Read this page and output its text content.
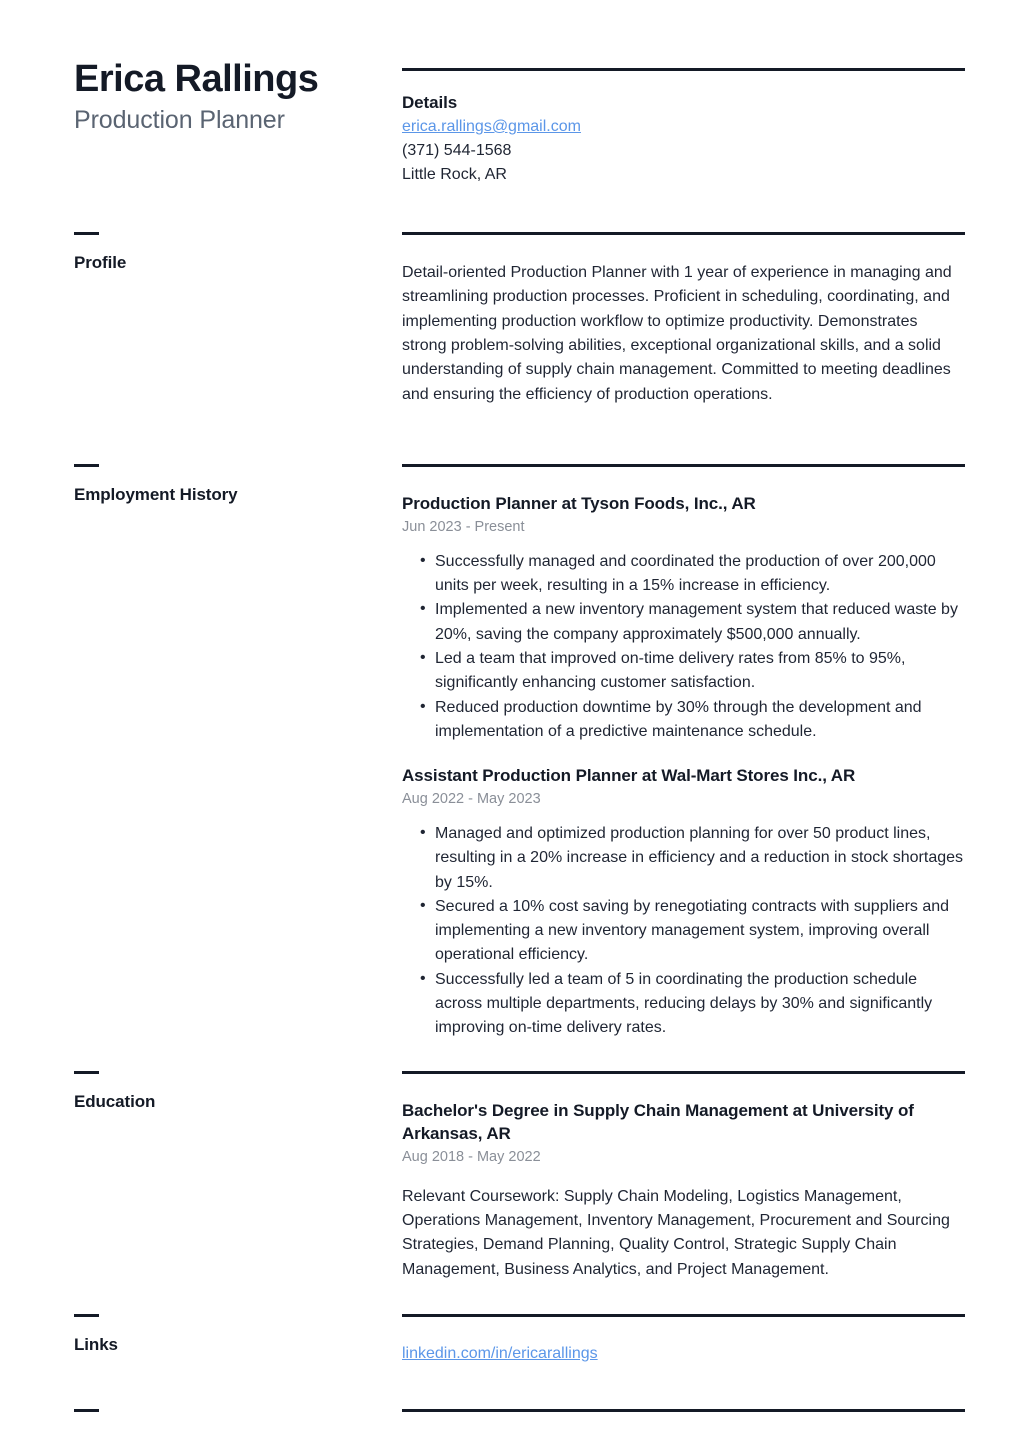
Erica Rallings
Production Planner
Details
erica.rallings@gmail.com
(371) 544-1568
Little Rock, AR
Profile
Detail-oriented Production Planner with 1 year of experience in managing and streamlining production processes. Proficient in scheduling, coordinating, and implementing production workflow to optimize productivity. Demonstrates strong problem-solving abilities, exceptional organizational skills, and a solid understanding of supply chain management. Committed to meeting deadlines and ensuring the efficiency of production operations.
Employment History	Production Planner at Tyson Foods, Inc., AR
Jun 2023 - Present
• Successfully managed and coordinated the production of over 200,000 units per week, resulting in a 15% increase in efficiency.
• Implemented a new inventory management system that reduced waste by 20%, saving the company approximately $500,000 annually.
• Led a team that improved on-time delivery rates from 85% to 95%, significantly enhancing customer satisfaction.
• Reduced production downtime by 30% through the development and implementation of a predictive maintenance schedule.
Assistant Production Planner at Wal-Mart Stores Inc., AR
Aug 2022 - May 2023
• Managed and optimized production planning for over 50 product lines, resulting in a 20% increase in efficiency and a reduction in stock shortages by 15%.
• Secured a 10% cost saving by renegotiating contracts with suppliers and implementing a new inventory management system, improving overall operational efficiency.
• Successfully led a team of 5 in coordinating the production schedule across multiple departments, reducing delays by 30% and significantly improving on-time delivery rates.
Education	Bachelor's Degree in Supply Chain Management at University of Arkansas, AR
Aug 2018 - May 2022
Relevant Coursework: Supply Chain Modeling, Logistics Management, Operations Management, Inventory Management, Procurement and Sourcing Strategies, Demand Planning, Quality Control, Strategic Supply Chain Management, Business Analytics, and Project Management.
Links	linkedin.com/in/ericarallings
